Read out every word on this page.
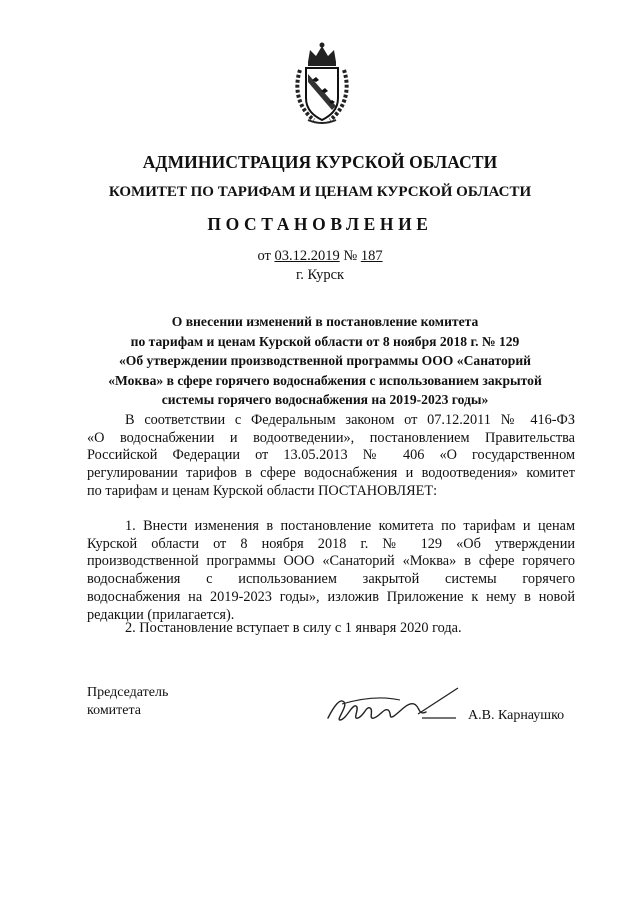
АДМИНИСТРАЦИЯ КУРСКОЙ ОБЛАСТИ
КОМИТЕТ ПО ТАРИФАМ И ЦЕНАМ КУРСКОЙ ОБЛАСТИ
ПОСТАНОВЛЕНИЕ
от 03.12.2019 № 187
г. Курск
О внесении изменений в постановление комитета
по тарифам и ценам Курской области от 8 ноября 2018 г. № 129
«Об утверждении производственной программы ООО «Санаторий
«Моква» в сфере горячего водоснабжения с использованием закрытой
системы горячего водоснабжения на 2019-2023 годы»
В соответствии с Федеральным законом от 07.12.2011 № 416-ФЗ
«О водоснабжении и водоотведении», постановлением Правительства
Российской Федерации от 13.05.2013 № 406 «О государственном
регулировании тарифов в сфере водоснабжения и водоотведения» комитет
по тарифам и ценам Курской области ПОСТАНОВЛЯЕТ:
1. Внести изменения в постановление комитета по тарифам и ценам
Курской области от 8 ноября 2018 г. № 129 «Об утверждении
производственной программы ООО «Санаторий «Моква» в сфере горячего
водоснабжения с использованием закрытой системы горячего
водоснабжения на 2019-2023 годы», изложив Приложение к нему в новой
редакции (прилагается).
2. Постановление вступает в силу с 1 января 2020 года.
Председатель
комитета	А.В. Карнаушко
